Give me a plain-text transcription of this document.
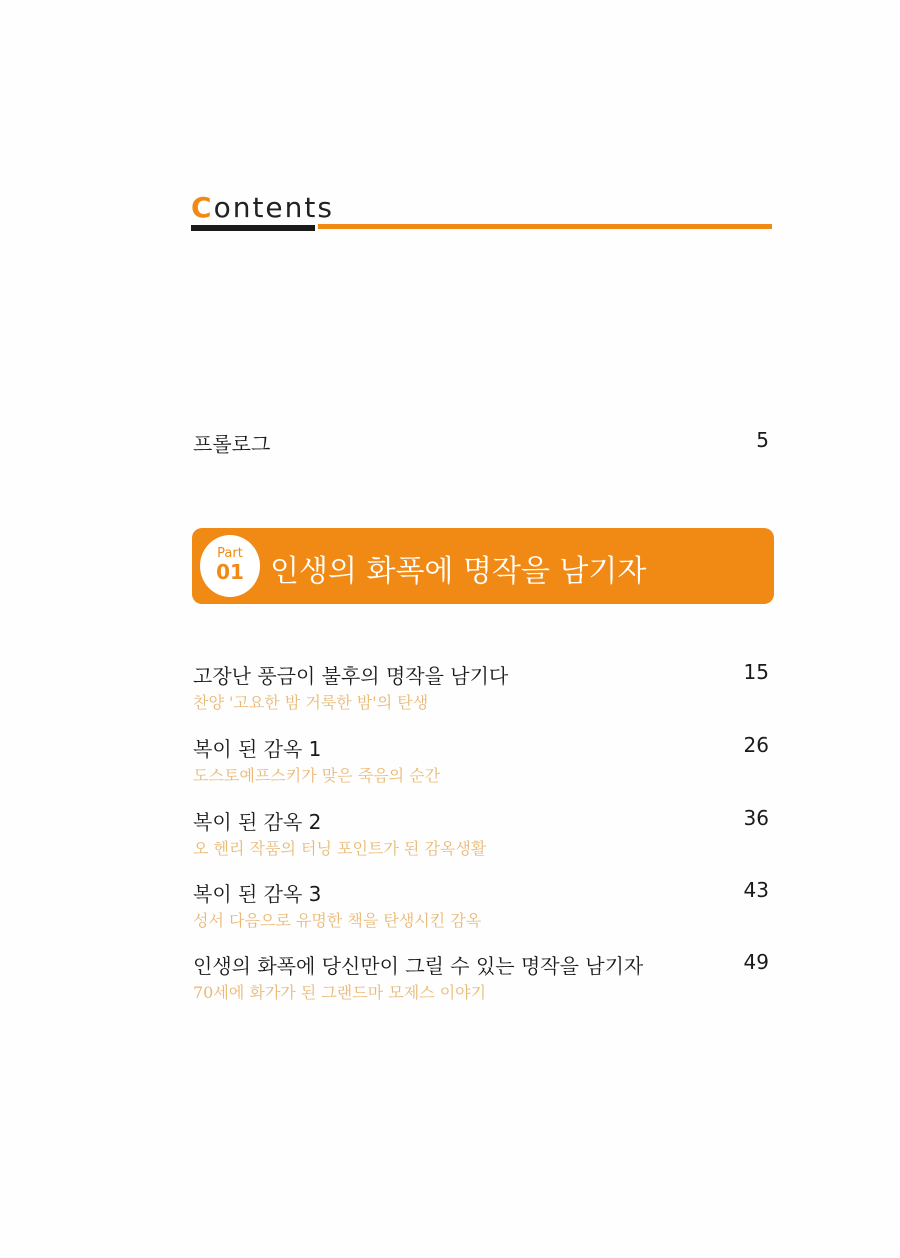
Contents
프롤로그	5
Part
01 인생의 화폭에 명작을 남기자
고장난 풍금이 불후의 명작을 남기다	15
찬양 '고요한 밤 거룩한 밤'의 탄생
복이 된 감옥 1	26
도스토예프스키가 맞은 죽음의 순간
복이 된 감옥 2	36
오 헨리 작품의 터닝 포인트가 된 감옥생활
복이 된 감옥 3	43
성서 다음으로 유명한 책을 탄생시킨 감옥
인생의 화폭에 당신만이 그릴 수 있는 명작을 남기자	49
70세에 화가가 된 그랜드마 모제스 이야기
